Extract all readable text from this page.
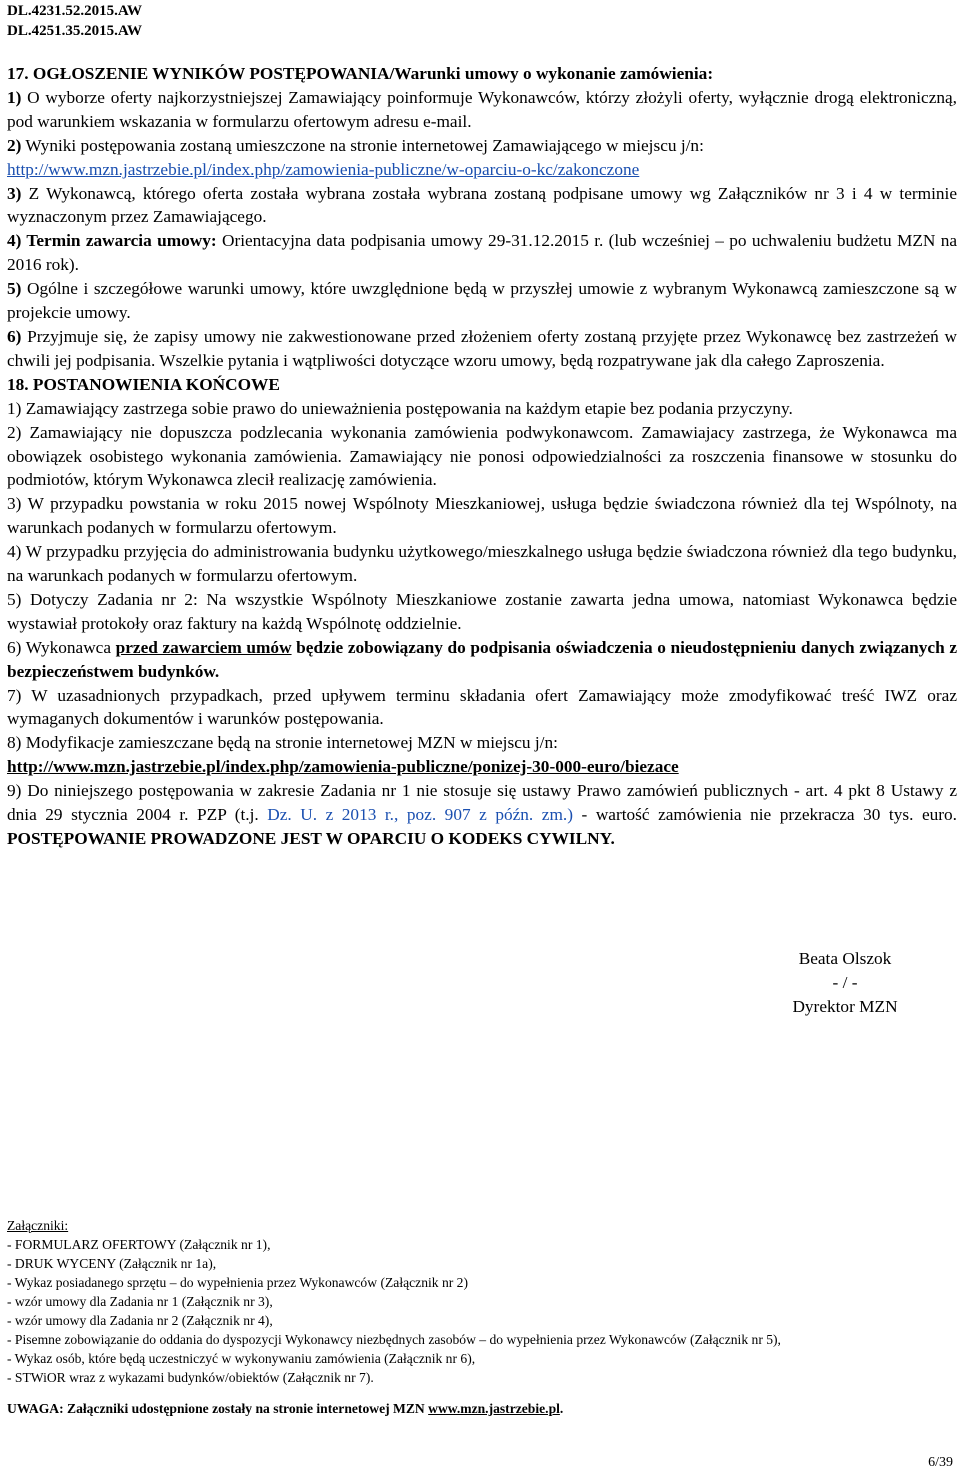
DL.4231.52.2015.AW
DL.4251.35.2015.AW

17. OGŁOSZENIE WYNIKÓW POSTĘPOWANIA/Warunki umowy o wykonanie zamówienia:

1) O wyborze oferty najkorzystniejszej Zamawiający poinformuje Wykonawców, którzy złożyli oferty, wyłącznie drogą elektroniczną, pod warunkiem wskazania w formularzu ofertowym adresu e-mail.

2) Wyniki postępowania zostaną umieszczone na stronie internetowej Zamawiającego w miejscu j/n:
http://www.mzn.jastrzebie.pl/index.php/zamowienia-publiczne/w-oparciu-o-kc/zakonczone

3) Z Wykonawcą, którego oferta została wybrana została wybrana zostaną podpisane umowy wg Załączników nr 3 i 4 w terminie wyznaczonym przez Zamawiającego.

4) Termin zawarcia umowy: Orientacyjna data podpisania umowy 29-31.12.2015 r. (lub wcześniej – po uchwaleniu budżetu MZN na 2016 rok).

5) Ogólne i szczegółowe warunki umowy, które uwzględnione będą w przyszłej umowie z wybranym Wykonawcą zamieszczone są w projekcie umowy.

6) Przyjmuje się, że zapisy umowy nie zakwestionowane przed złożeniem oferty zostaną przyjęte przez Wykonawcę bez zastrzeżeń w chwili jej podpisania. Wszelkie pytania i wątpliwości dotyczące wzoru umowy, będą rozpatrywane jak dla całego Zaproszenia.

18. POSTANOWIENIA KOŃCOWE

1) Zamawiający zastrzega sobie prawo do unieważnienia postępowania na każdym etapie bez podania przyczyny.

2) Zamawiający nie dopuszcza podzlecania wykonania zamówienia podwykonawcom. Zamawiajacy zastrzega, że Wykonawca ma obowiązek osobistego wykonania zamówienia. Zamawiający nie ponosi odpowiedzialności za roszczenia finansowe w stosunku do podmiotów, którym Wykonawca zlecił realizację zamówienia.

3) W przypadku powstania w roku 2015 nowej Wspólnoty Mieszkaniowej, usługa będzie świadczona również dla tej Wspólnoty, na warunkach podanych w formularzu ofertowym.

4) W przypadku przyjęcia do administrowania budynku użytkowego/mieszkalnego usługa będzie świadczona również dla tego budynku, na warunkach podanych w formularzu ofertowym.

5) Dotyczy Zadania nr 2: Na wszystkie Wspólnoty Mieszkaniowe zostanie zawarta jedna umowa, natomiast Wykonawca będzie wystawiał protokoły oraz faktury na każdą Wspólnotę oddzielnie.

6) Wykonawca przed zawarciem umów będzie zobowiązany do podpisania oświadczenia o nieudostępnieniu danych związanych z bezpieczeństwem budynków.

7) W uzasadnionych przypadkach, przed upływem terminu składania ofert Zamawiający może zmodyfikować treść IWZ oraz wymaganych dokumentów i warunków postępowania.

8) Modyfikacje zamieszczane będą na stronie internetowej MZN w miejscu j/n:
http://www.mzn.jastrzebie.pl/index.php/zamowienia-publiczne/ponizej-30-000-euro/biezace

9) Do niniejszego postępowania w zakresie Zadania nr 1 nie stosuje się ustawy Prawo zamówień publicznych - art. 4 pkt 8 Ustawy z dnia 29 stycznia 2004 r. PZP (t.j. Dz. U. z 2013 r., poz. 907 z późn. zm.) - wartość zamówienia nie przekracza 30 tys. euro. POSTĘPOWANIE PROWADZONE JEST W OPARCIU O KODEKS CYWILNY.

Beata Olszok
- / -
Dyrektor MZN
Załączniki:
- FORMULARZ OFERTOWY (Załącznik nr 1),
- DRUK WYCENY (Załącznik nr 1a),
- Wykaz posiadanego sprzętu – do wypełnienia przez Wykonawców (Załącznik nr 2)
- wzór umowy dla Zadania nr 1 (Załącznik nr 3),
- wzór umowy dla Zadania nr 2 (Załącznik nr 4),
- Pisemne zobowiązanie do oddania do dyspozycji Wykonawcy niezbędnych zasobów – do wypełnienia przez Wykonawców (Załącznik nr 5),
- Wykaz osób, które będą uczestniczyć w wykonywaniu zamówienia (Załącznik nr 6),
- STWiOR wraz z wykazami budynków/obiektów (Załącznik nr 7).
UWAGA: Załączniki udostępnione zostały na stronie internetowej MZN www.mzn.jastrzebie.pl.
6/39
